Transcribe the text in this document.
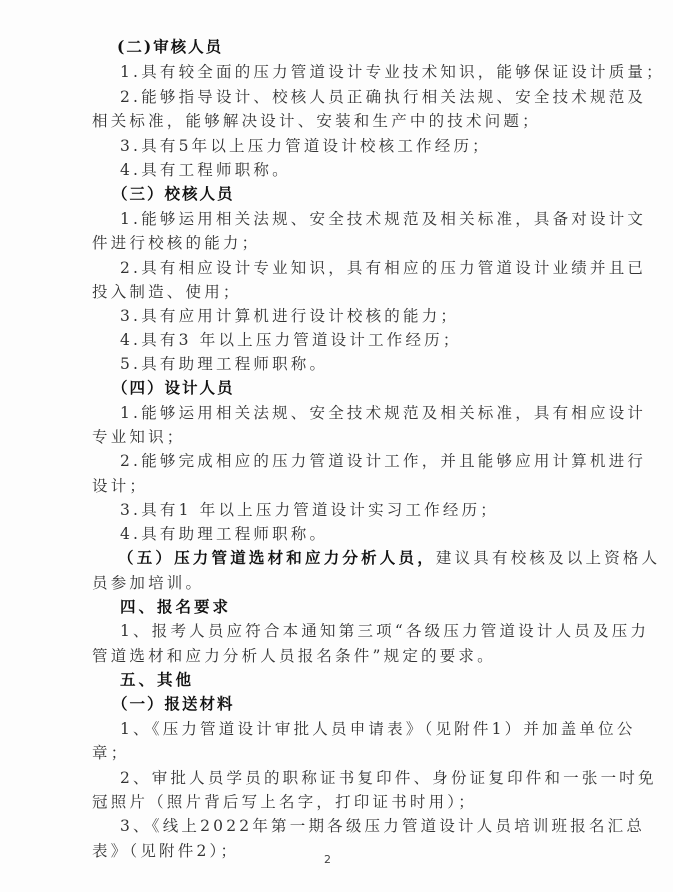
(二)审核人员
1.具有较全面的压力管道设计专业技术知识，能够保证设计质量；
2.能够指导设计、校核人员正确执行相关法规、安全技术规范及
相关标准，能够解决设计、安装和生产中的技术问题；
3.具有5年以上压力管道设计校核工作经历；
4.具有工程师职称。
（三）校核人员
1.能够运用相关法规、安全技术规范及相关标准，具备对设计文
件进行校核的能力；
2.具有相应设计专业知识，具有相应的压力管道设计业绩并且已
投入制造、使用；
3.具有应用计算机进行设计校核的能力；
4.具有3 年以上压力管道设计工作经历；
5.具有助理工程师职称。
（四）设计人员
1.能够运用相关法规、安全技术规范及相关标准，具有相应设计
专业知识；
2.能够完成相应的压力管道设计工作，并且能够应用计算机进行
设计；
3.具有1 年以上压力管道设计实习工作经历；
4.具有助理工程师职称。
（五）压力管道选材和应力分析人员，建议具有校核及以上资格人
员参加培训。
四、报名要求
1、报考人员应符合本通知第三项“各级压力管道设计人员及压力
管道选材和应力分析人员报名条件”规定的要求。
五、其他
（一）报送材料
1、《压力管道设计审批人员申请表》（见附件1）并加盖单位公
章；
2、审批人员学员的职称证书复印件、身份证复印件和一张一吋免
冠照片（照片背后写上名字，打印证书时用）；
3、《线上2022年第一期各级压力管道设计人员培训班报名汇总
表》（见附件2）；	2
